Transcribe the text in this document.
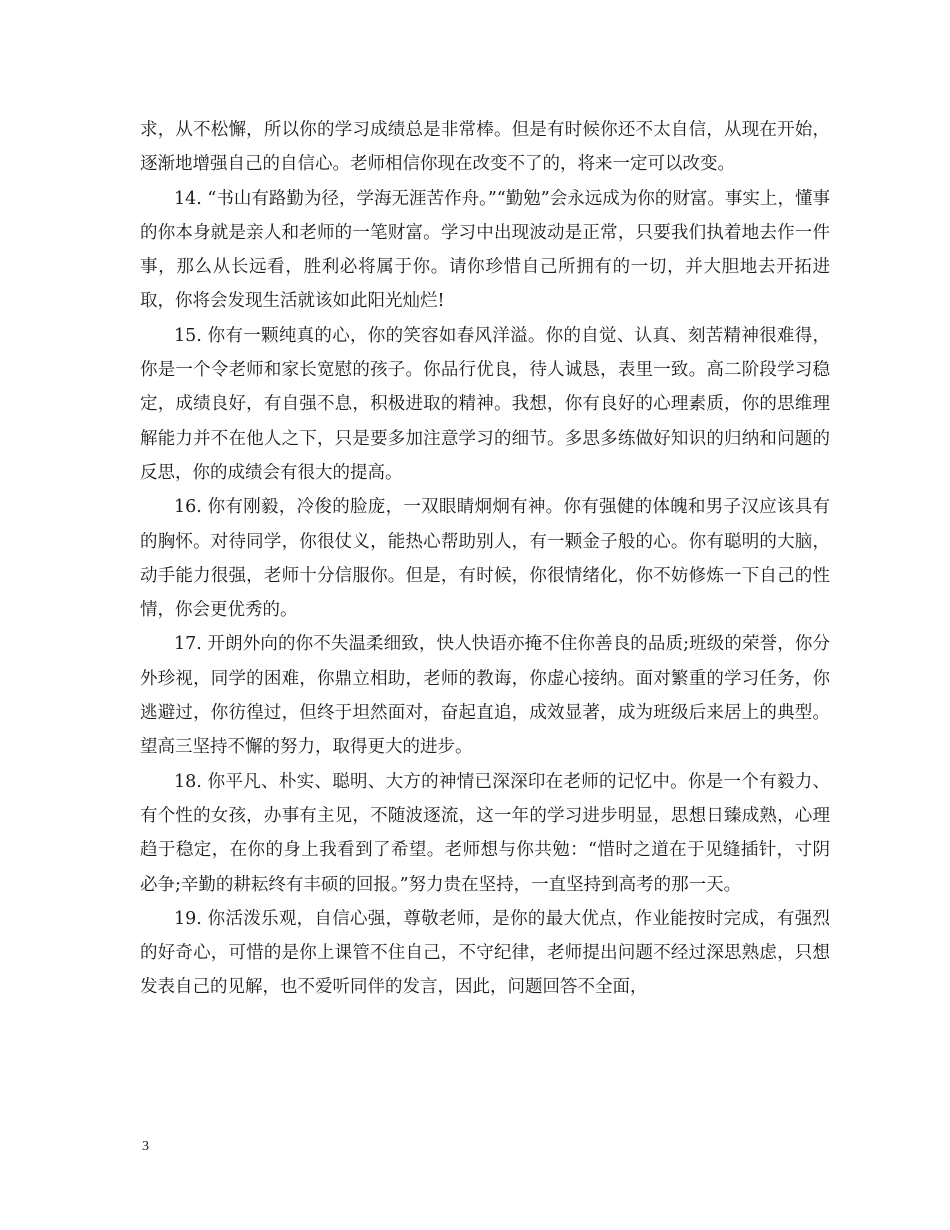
求，从不松懈，所以你的学习成绩总是非常棒。但是有时候你还不太自信，从现在开始，逐渐地增强自己的自信心。老师相信你现在改变不了的，将来一定可以改变。

14. “书山有路勤为径，学海无涯苦作舟。”“勤勉”会永远成为你的财富。事实上，懂事的你本身就是亲人和老师的一笔财富。学习中出现波动是正常，只要我们执着地去作一件事，那么从长远看，胜利必将属于你。请你珍惜自己所拥有的一切，并大胆地去开拓进取，你将会发现生活就该如此阳光灿烂!

15. 你有一颗纯真的心，你的笑容如春风洋溢。你的自觉、认真、刻苦精神很难得，你是一个令老师和家长宽慰的孩子。你品行优良，待人诚恳，表里一致。高二阶段学习稳定，成绩良好，有自强不息，积极进取的精神。我想，你有良好的心理素质，你的思维理解能力并不在他人之下，只是要多加注意学习的细节。多思多练做好知识的归纳和问题的反思，你的成绩会有很大的提高。

16. 你有刚毅，冷俊的脸庞，一双眼睛炯炯有神。你有强健的体魄和男子汉应该具有的胸怀。对待同学，你很仗义，能热心帮助别人，有一颗金子般的心。你有聪明的大脑，动手能力很强，老师十分信服你。但是，有时候，你很情绪化，你不妨修炼一下自己的性情，你会更优秀的。

17. 开朗外向的你不失温柔细致，快人快语亦掩不住你善良的品质;班级的荣誉，你分外珍视，同学的困难，你鼎立相助，老师的教诲，你虚心接纳。面对繁重的学习任务，你逃避过，你彷徨过，但终于坦然面对，奋起直追，成效显著，成为班级后来居上的典型。望高三坚持不懈的努力，取得更大的进步。

18. 你平凡、朴实、聪明、大方的神情已深深印在老师的记忆中。你是一个有毅力、有个性的女孩，办事有主见，不随波逐流，这一年的学习进步明显，思想日臻成熟，心理趋于稳定，在你的身上我看到了希望。老师想与你共勉：“惜时之道在于见缝插针，寸阴必争;辛勤的耕耘终有丰硕的回报。”努力贵在坚持，一直坚持到高考的那一天。

19. 你活泼乐观，自信心强，尊敬老师，是你的最大优点，作业能按时完成，有强烈的好奇心，可惜的是你上课管不住自己，不守纪律，老师提出问题不经过深思熟虑，只想发表自己的见解，也不爱听同伴的发言，因此，问题回答不全面，

3
